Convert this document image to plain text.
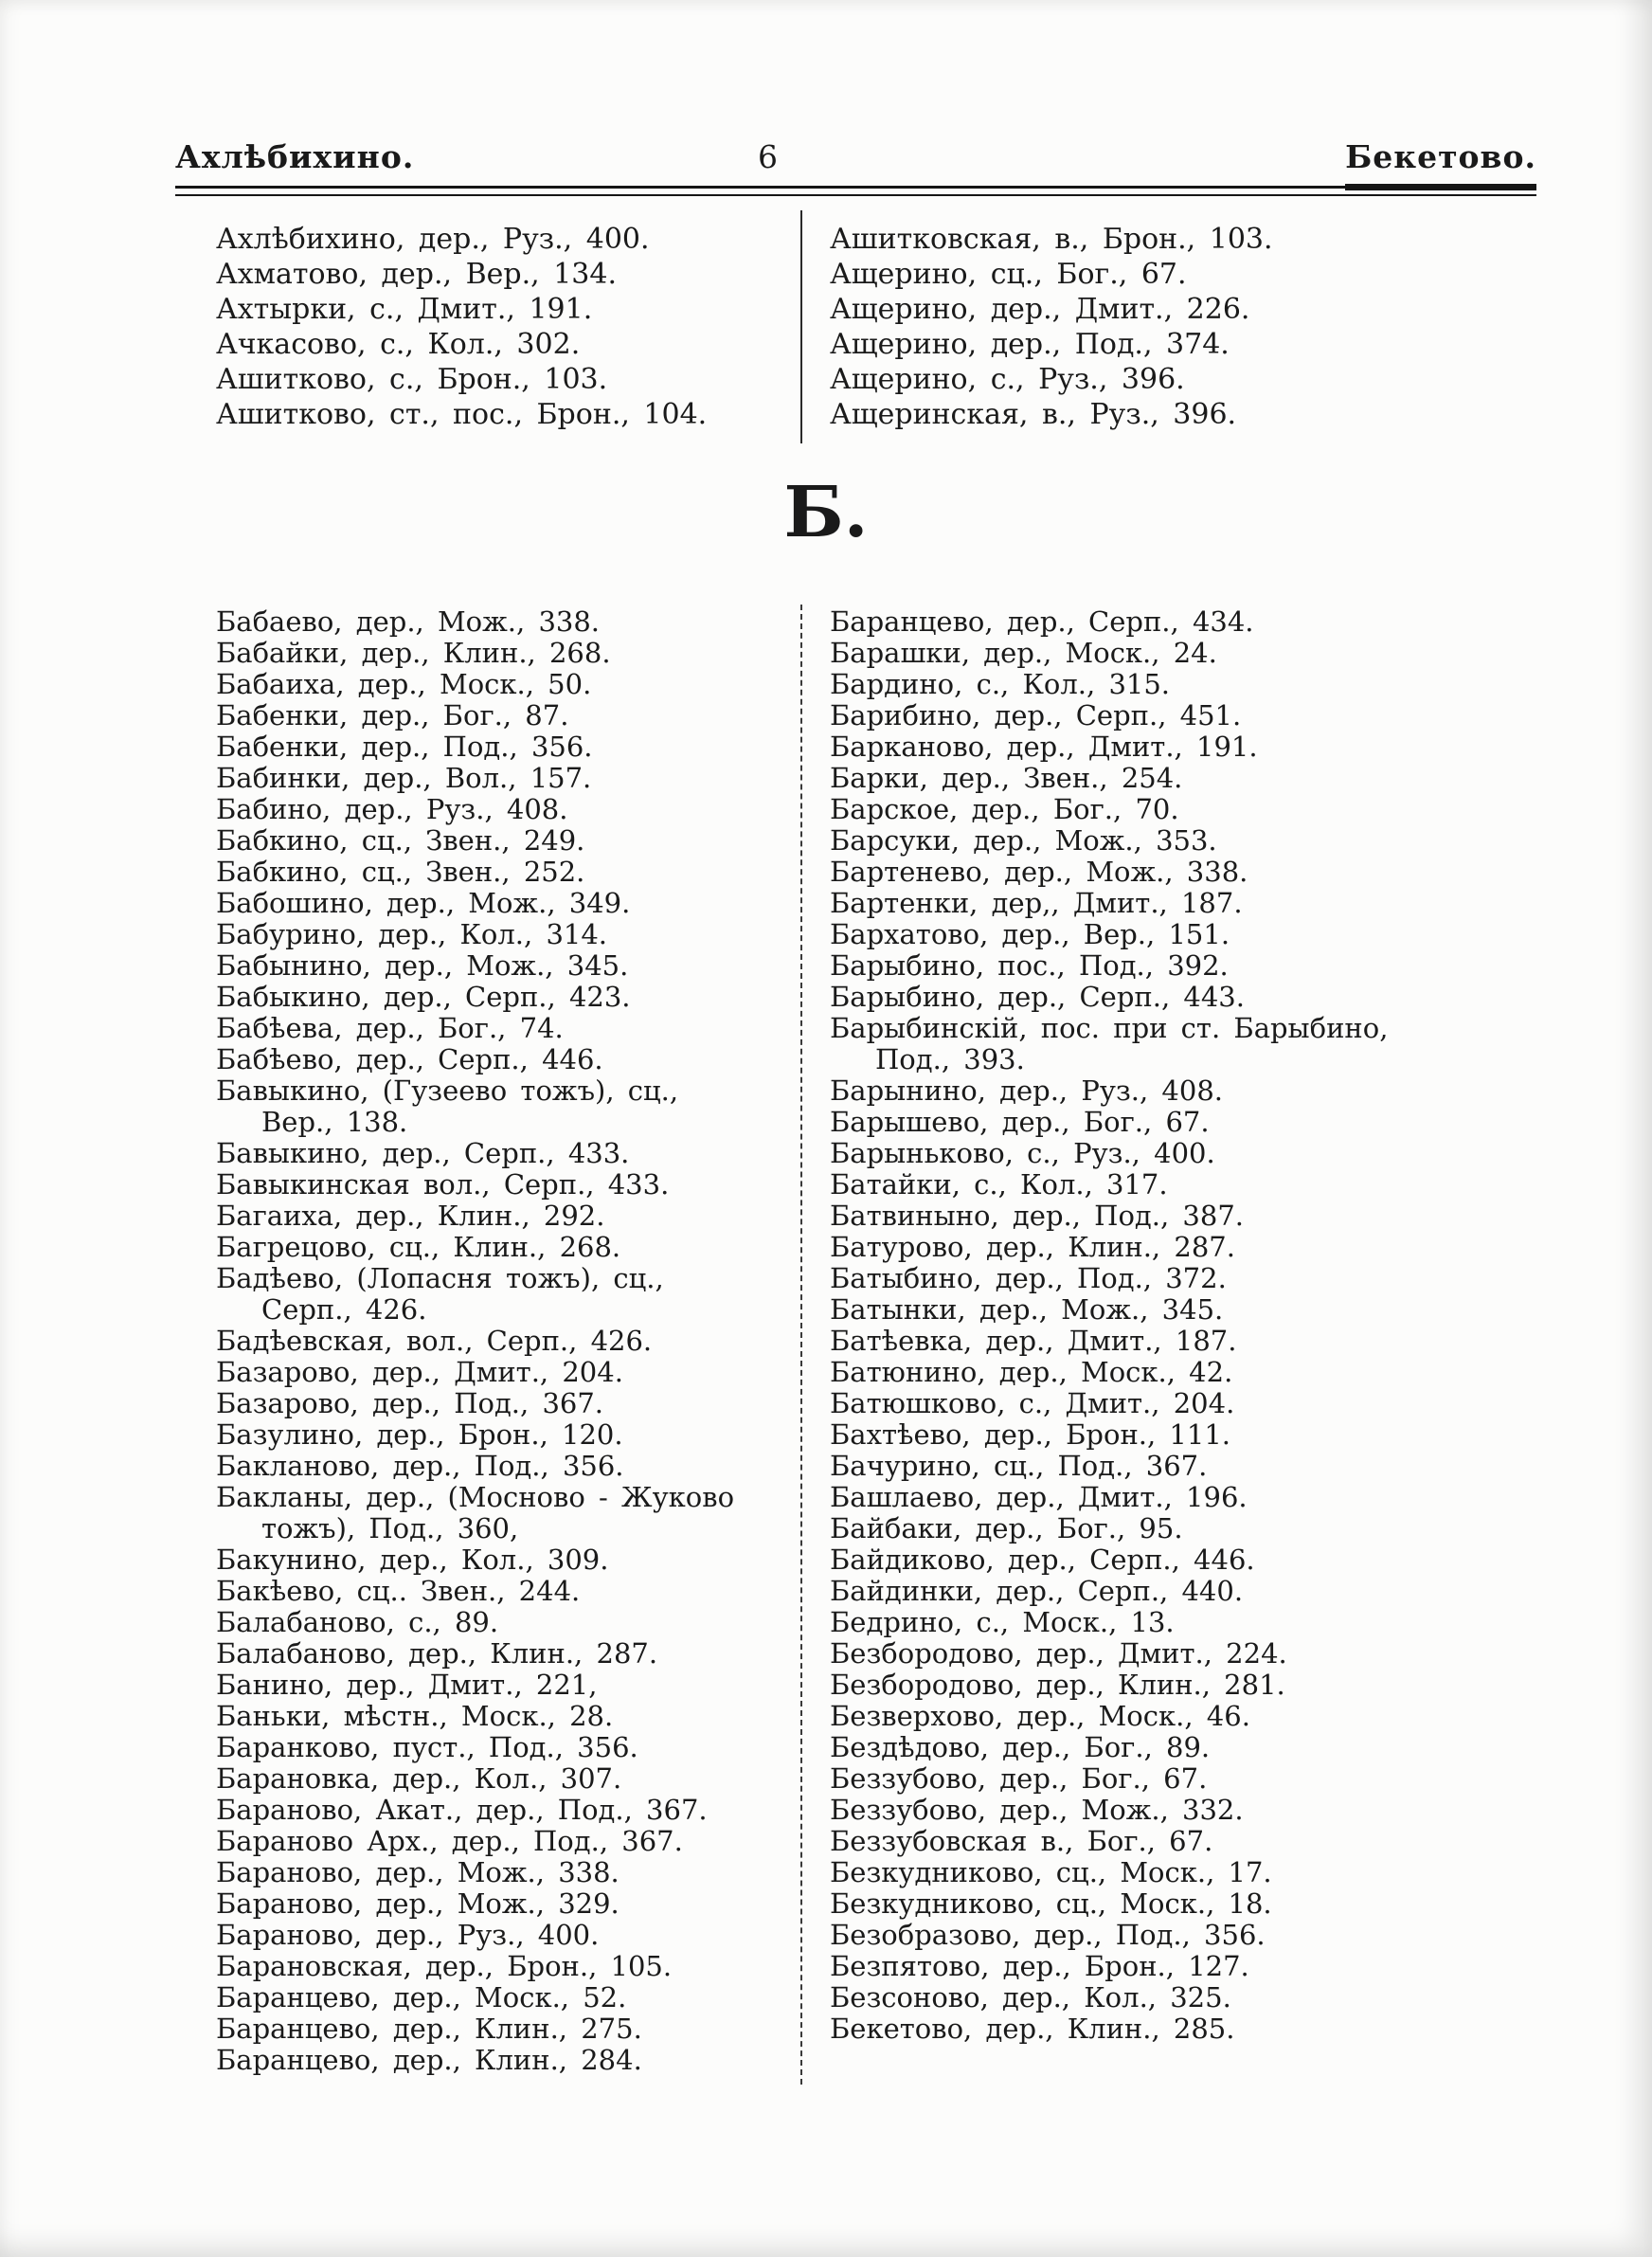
Ахлѣбихино.	6	Бекетово.
Ахлѣбихино, дер., Руз., 400.
Ахматово, дер., Вер., 134.
Ахтырки, с., Дмит., 191.
Ачкасово, с., Кол., 302.
Ашитково, с., Брон., 103.
Ашитково, ст., пос., Брон., 104.
Ашитковская, в., Брон., 103.
Ащерино, сц., Бог., 67.
Ащерино, дер., Дмит., 226.
Ащерино, дер., Под., 374.
Ащерино, с., Руз., 396.
Ащеринская, в., Руз., 396.
Б.
Бабаево, дер., Мож., 338.
Бабайки, дер., Клин., 268.
Бабаиха, дер., Моск., 50.
Бабенки, дер., Бог., 87.
Бабенки, дер., Под., 356.
Бабинки, дер., Вол., 157.
Бабино, дер., Руз., 408.
Бабкино, сц., Звен., 249.
Бабкино, сц., Звен., 252.
Бабошино, дер., Мож., 349.
Бабурино, дер., Кол., 314.
Бабынино, дер., Мож., 345.
Бабыкино, дер., Серп., 423.
Бабѣева, дер., Бог., 74.
Бабѣево, дер., Серп., 446.
Бавыкино, (Гузеево тожъ), сц.,
Вер., 138.
Бавыкино, дер., Серп., 433.
Бавыкинская вол., Серп., 433.
Багаиха, дер., Клин., 292.
Багрецово, сц., Клин., 268.
Бадѣево, (Лопасня тожъ), сц.,
Серп., 426.
Бадѣевская, вол., Серп., 426.
Базарово, дер., Дмит., 204.
Базарово, дер., Под., 367.
Базулино, дер., Брон., 120.
Бакланово, дер., Под., 356.
Бакланы, дер., (Мосново - Жуково
тожъ), Под., 360,
Бакунино, дер., Кол., 309.
Бакѣево, сц.. Звен., 244.
Балабаново, с., 89.
Балабаново, дер., Клин., 287.
Банино, дер., Дмит., 221,
Баньки, мѣстн., Моск., 28.
Баранково, пуст., Под., 356.
Барановка, дер., Кол., 307.
Бараново, Акат., дер., Под., 367.
Бараново Арх., дер., Под., 367.
Бараново, дер., Мож., 338.
Бараново, дер., Мож., 329.
Бараново, дер., Руз., 400.
Барановская, дер., Брон., 105.
Баранцево, дер., Моск., 52.
Баранцево, дер., Клин., 275.
Баранцево, дер., Клин., 284.
Баранцево, дер., Серп., 434.
Барашки, дер., Моск., 24.
Бардино, с., Кол., 315.
Барибино, дер., Серп., 451.
Барканово, дер., Дмит., 191.
Барки, дер., Звен., 254.
Барское, дер., Бог., 70.
Барсуки, дер., Мож., 353.
Бартенево, дер., Мож., 338.
Бартенки, дер,, Дмит., 187.
Бархатово, дер., Вер., 151.
Барыбино, пос., Под., 392.
Барыбино, дер., Серп., 443.
Барыбинскій, пос. при ст. Барыбино,
Под., 393.
Барынино, дер., Руз., 408.
Барышево, дер., Бог., 67.
Барыньково, с., Руз., 400.
Батайки, с., Кол., 317.
Батвиныно, дер., Под., 387.
Батурово, дер., Клин., 287.
Батыбино, дер., Под., 372.
Батынки, дер., Мож., 345.
Батѣевка, дер., Дмит., 187.
Батюнино, дер., Моск., 42.
Батюшково, с., Дмит., 204.
Бахтѣево, дер., Брон., 111.
Бачурино, сц., Под., 367.
Башлаево, дер., Дмит., 196.
Байбаки, дер., Бог., 95.
Байдиково, дер., Серп., 446.
Байдинки, дер., Серп., 440.
Бедрино, с., Моск., 13.
Безбородово, дер., Дмит., 224.
Безбородово, дер., Клин., 281.
Безверхово, дер., Моск., 46.
Бездѣдово, дер., Бог., 89.
Беззубово, дер., Бог., 67.
Беззубово, дер., Мож., 332.
Беззубовская в., Бог., 67.
Безкудниково, сц., Моск., 17.
Безкудниково, сц., Моск., 18.
Безобразово, дер., Под., 356.
Безпятово, дер., Брон., 127.
Безсоново, дер., Кол., 325.
Бекетово, дер., Клин., 285.
